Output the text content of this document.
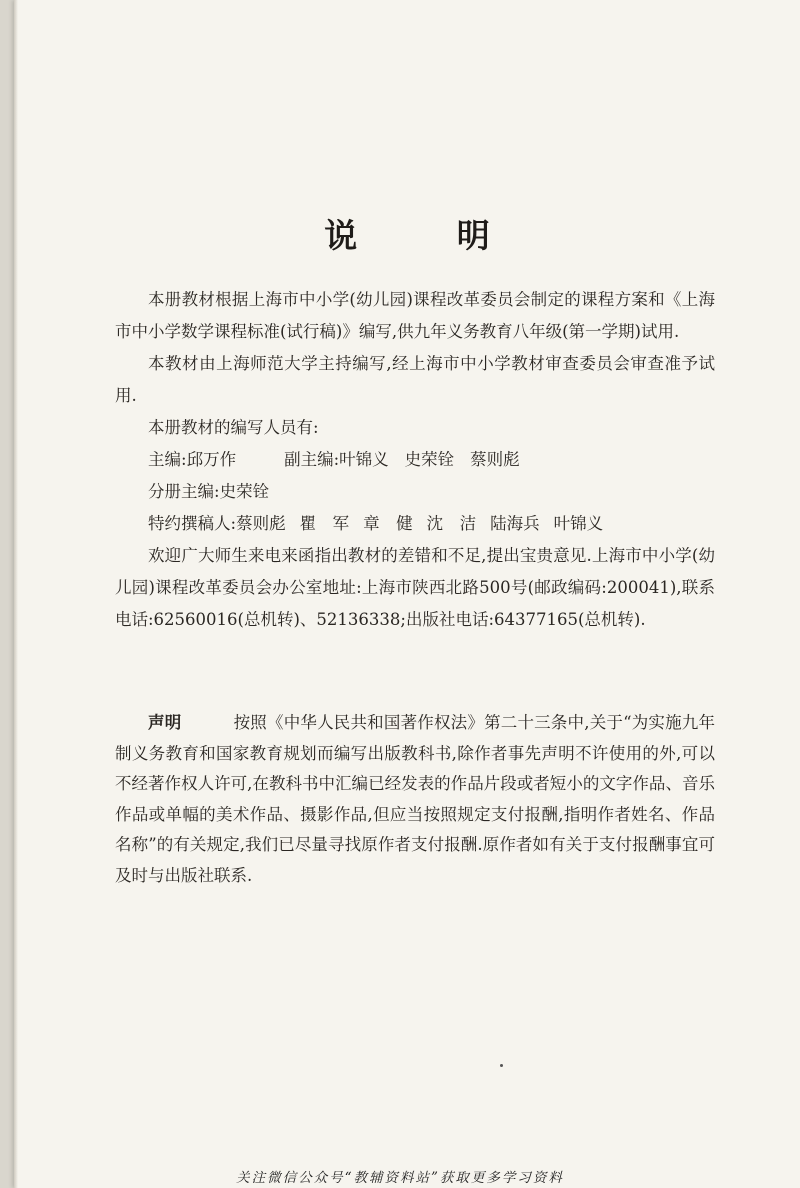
说 明

本册教材根据上海市中小学(幼儿园)课程改革委员会制定的课程方案和《上海市中小学数学课程标准(试行稿)》编写,供九年义务教育八年级(第一学期)试用.

本教材由上海师范大学主持编写,经上海市中小学教材审查委员会审查准予试用.

本册教材的编写人员有:

主编:邱万作	副主编:叶锦义 史荣铨 蔡则彪

分册主编:史荣铨

特约撰稿人:蔡则彪 瞿　军 章　健 沈　洁 陆海兵 叶锦义

欢迎广大师生来电来函指出教材的差错和不足,提出宝贵意见.上海市中小学(幼儿园)课程改革委员会办公室地址:上海市陕西北路500号(邮政编码:200041),联系电话:62560016(总机转)、52136338;出版社电话:64377165(总机转).

声明	按照《中华人民共和国著作权法》第二十三条中,关于“为实施九年制义务教育和国家教育规划而编写出版教科书,除作者事先声明不许使用的外,可以不经著作权人许可,在教科书中汇编已经发表的作品片段或者短小的文字作品、音乐作品或单幅的美术作品、摄影作品,但应当按照规定支付报酬,指明作者姓名、作品名称”的有关规定,我们已尽量寻找原作者支付报酬.原作者如有关于支付报酬事宜可及时与出版社联系.

关注微信公众号“教辅资料站”获取更多学习资料
